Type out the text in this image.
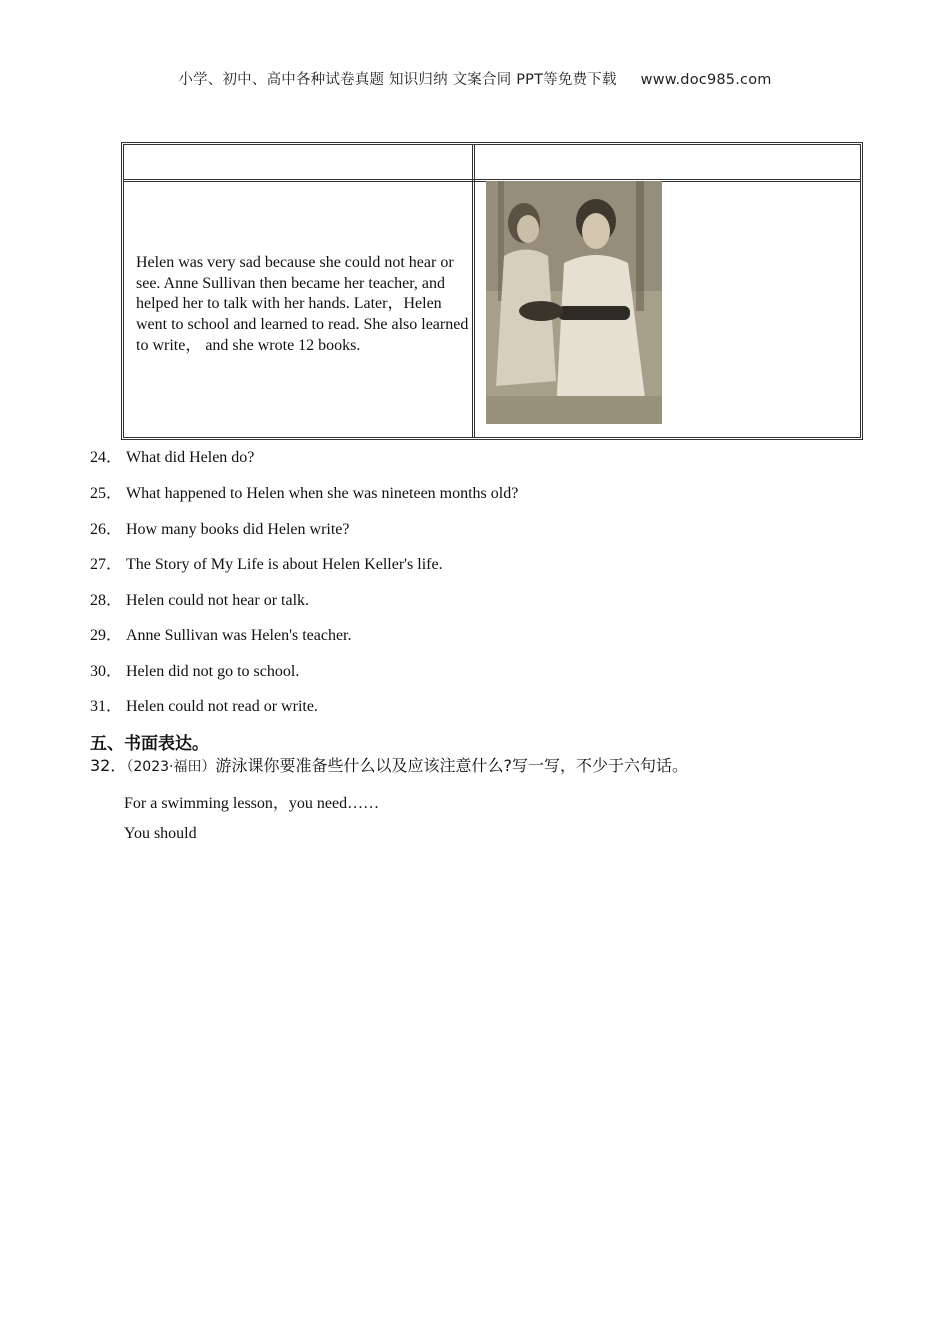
小学、初中、高中各种试卷真题 知识归纳 文案合同 PPT等免费下载 www.doc985.com
Helen was very sad because she could not hear or see. Anne Sullivan then became her teacher, and helped her to talk with her hands. Later，Helen went to school and learned to read. She also learned to write， and she wrote 12 books.
24． What did Helen do?
25． What happened to Helen when she was nineteen months old?
26． How many books did Helen write?
27． The Story of My Life is about Helen Keller's life.
28． Helen could not hear or talk.
29． Anne Sullivan was Helen's teacher.
30． Helen did not go to school.
31． Helen could not read or write.
五、书面表达。
32．（2023·福田）游泳课你要准备些什么以及应该注意什么?写一写，不少于六句话。
For a swimming lesson，you need……
You should
